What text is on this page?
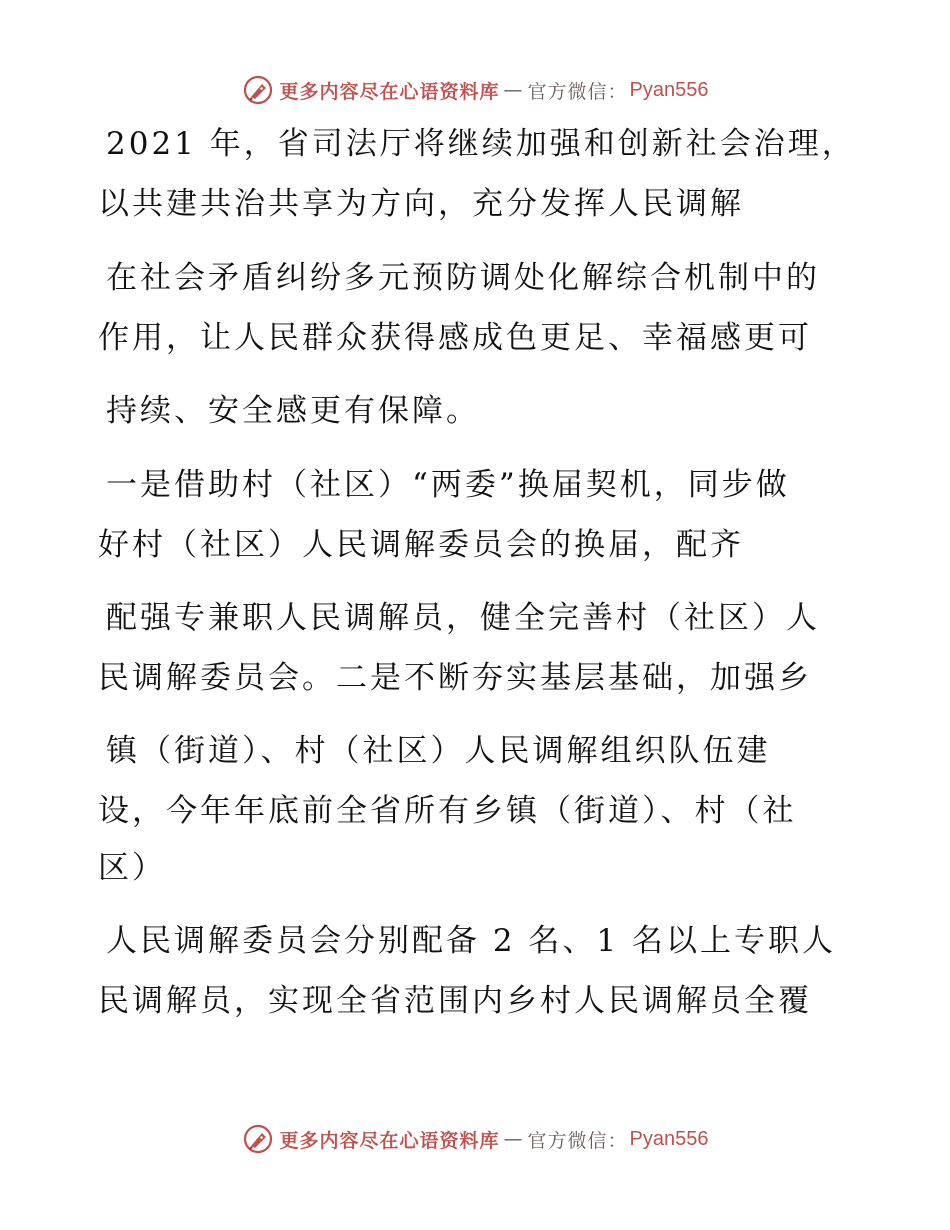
更多内容尽在心语资料库 — 官方微信： Pyan556
2021 年，省司法厅将继续加强和创新社会治理，
以共建共治共享为方向，充分发挥人民调解
在社会矛盾纠纷多元预防调处化解综合机制中的
作用，让人民群众获得感成色更足、幸福感更可
持续、安全感更有保障。
一是借助村（社区）“两委”换届契机，同步做
好村（社区）人民调解委员会的换届，配齐
配强专兼职人民调解员，健全完善村（社区）人
民调解委员会。二是不断夯实基层基础，加强乡
镇（街道）、村（社区）人民调解组织队伍建
设，今年年底前全省所有乡镇（街道）、村（社
区）
人民调解委员会分别配备 2 名、1 名以上专职人
民调解员，实现全省范围内乡村人民调解员全覆
更多内容尽在心语资料库 — 官方微信： Pyan556
